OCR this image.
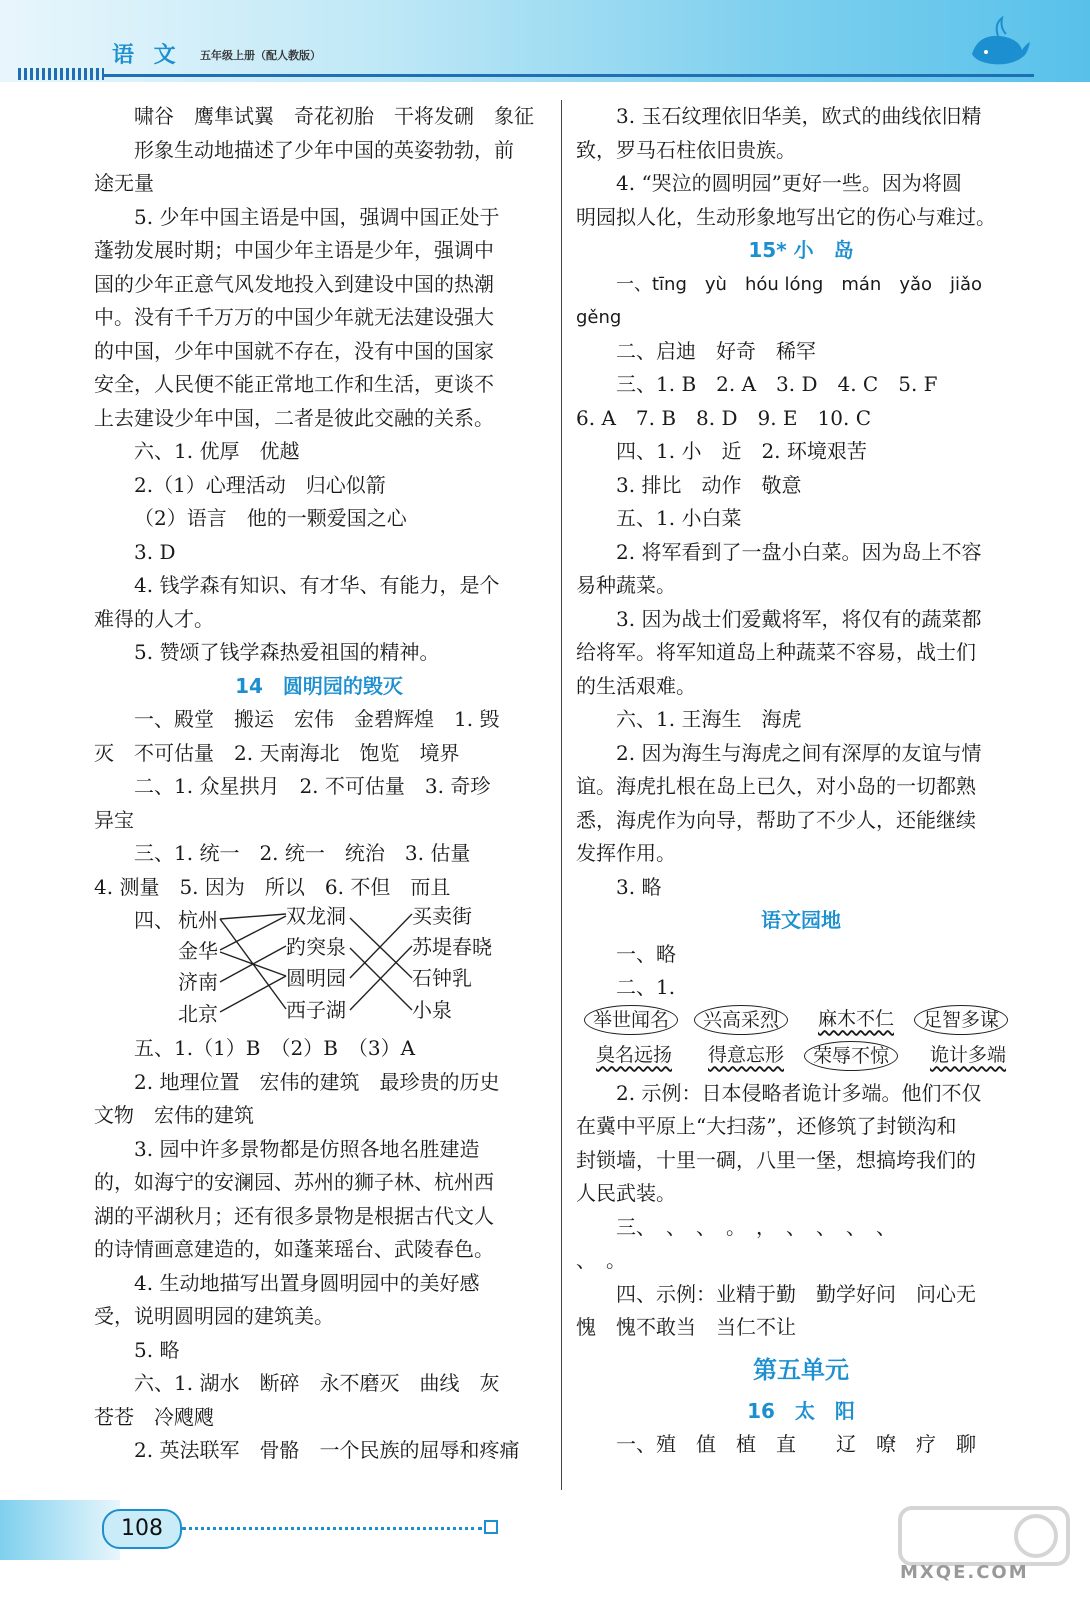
语 文 五年级上册（配人教版）
啸谷　鹰隼试翼　奇花初胎　干将发硎　象征
形象生动地描述了少年中国的英姿勃勃，前
途无量
5. 少年中国主语是中国，强调中国正处于
蓬勃发展时期；中国少年主语是少年，强调中
国的少年正意气风发地投入到建设中国的热潮
中。没有千千万万的中国少年就无法建设强大
的中国，少年中国就不存在，没有中国的国家
安全，人民便不能正常地工作和生活，更谈不
上去建设少年中国，二者是彼此交融的关系。
六、1. 优厚　优越
2.（1）心理活动　归心似箭
（2）语言　他的一颗爱国之心
3. D
4. 钱学森有知识、有才华、有能力，是个
难得的人才。
5. 赞颂了钱学森热爱祖国的精神。
14　圆明园的毁灭
一、殿堂　搬运　宏伟　金碧辉煌　1. 毁
灭　不可估量　2. 天南海北　饱览　境界
二、1. 众星拱月　2. 不可估量　3. 奇珍
异宝
三、1. 统一　2. 统一　统治　3. 估量
4. 测量　5. 因为　所以　6. 不但　而且
四、 杭州
金华
济南
北京
双龙洞
趵突泉
圆明园
西子湖
买卖街
苏堤春晓
石钟乳
小泉
五、1.（1）B　（2）B　（3）A
2. 地理位置　宏伟的建筑　最珍贵的历史
文物　宏伟的建筑
3. 园中许多景物都是仿照各地名胜建造
的，如海宁的安澜园、苏州的狮子林、杭州西
湖的平湖秋月；还有很多景物是根据古代文人
的诗情画意建造的，如蓬莱瑶台、武陵春色。
4. 生动地描写出置身圆明园中的美好感
受，说明圆明园的建筑美。
5. 略
六、1. 湖水　断碎　永不磨灭　曲线　灰
苍苍　冷飕飕
2. 英法联军　骨骼　一个民族的屈辱和疼痛
3. 玉石纹理依旧华美，欧式的曲线依旧精
致，罗马石柱依旧贵族。
4. “哭泣的圆明园”更好一些。因为将圆
明园拟人化，生动形象地写出它的伤心与难过。
15* 小　岛
一、tīng　yù　hóu lóng　mán　yǎo　jiǎo
gěng
二、启迪　好奇　稀罕
三、1. B　2. A　3. D　4. C　5. F
6. A　7. B　8. D　9. E　10. C
四、1. 小　近　2. 环境艰苦
3. 排比　动作　敬意
五、1. 小白菜
2. 将军看到了一盘小白菜。因为岛上不容
易种蔬菜。
3. 因为战士们爱戴将军，将仅有的蔬菜都
给将军。将军知道岛上种蔬菜不容易，战士们
的生活艰难。
六、1. 王海生　海虎
2. 因为海生与海虎之间有深厚的友谊与情
谊。海虎扎根在岛上已久，对小岛的一切都熟
悉，海虎作为向导，帮助了不少人，还能继续
发挥作用。
3. 略
语文园地
一、略
二、1.
举世闻名	兴高采烈	麻木不仁	足智多谋
臭名远扬 得意忘形	荣辱不惊	诡计多端
2. 示例：日本侵略者诡计多端。他们不仅
在冀中平原上“大扫荡”，还修筑了封锁沟和
封锁墙，十里一碉，八里一堡，想搞垮我们的
人民武装。
三、　、　、　。　，　、　、　、　、
、　。
四、示例：业精于勤　勤学好问　问心无
愧　愧不敢当　当仁不让
第五单元
16　太　阳
一、殖　值　植　直　　辽　嘹　疗　聊
108
MXQE.COM
